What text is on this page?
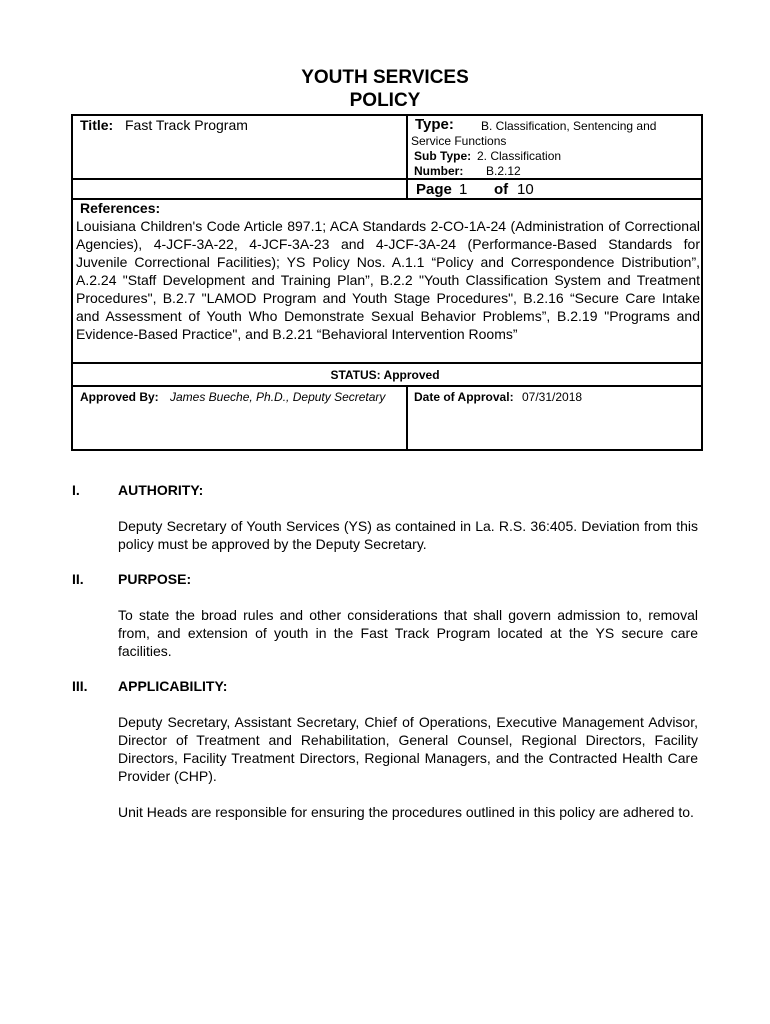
YOUTH SERVICES
POLICY
Title: Fast Track Program	Type: B. Classification, Sentencing and
Service Functions
Sub Type: 2. Classification
Number: B.2.12
Page 1 of 10
References:
Louisiana Children's Code Article 897.1; ACA Standards 2-CO-1A-24 (Administration of Correctional Agencies), 4-JCF-3A-22, 4-JCF-3A-23 and 4-JCF-3A-24 (Performance-Based Standards for Juvenile Correctional Facilities); YS Policy Nos. A.1.1 “Policy and Correspondence Distribution”, A.2.24 "Staff Development and Training Plan”, B.2.2 "Youth Classification System and Treatment Procedures", B.2.7 "LAMOD Program and Youth Stage Procedures", B.2.16 “Secure Care Intake and Assessment of Youth Who Demonstrate Sexual Behavior Problems”, B.2.19 "Programs and Evidence-Based Practice", and B.2.21 “Behavioral Intervention Rooms”
STATUS: Approved
Approved By: James Bueche, Ph.D., Deputy Secretary Date of Approval: 07/31/2018
I.	AUTHORITY:
Deputy Secretary of Youth Services (YS) as contained in La. R.S. 36:405. Deviation from this policy must be approved by the Deputy Secretary.
II. PURPOSE:
To state the broad rules and other considerations that shall govern admission to, removal from, and extension of youth in the Fast Track Program located at the YS secure care facilities.
III. APPLICABILITY:
Deputy Secretary, Assistant Secretary, Chief of Operations, Executive Management Advisor, Director of Treatment and Rehabilitation, General Counsel, Regional Directors, Facility Directors, Facility Treatment Directors, Regional Managers, and the Contracted Health Care Provider (CHP).
Unit Heads are responsible for ensuring the procedures outlined in this policy are adhered to.
